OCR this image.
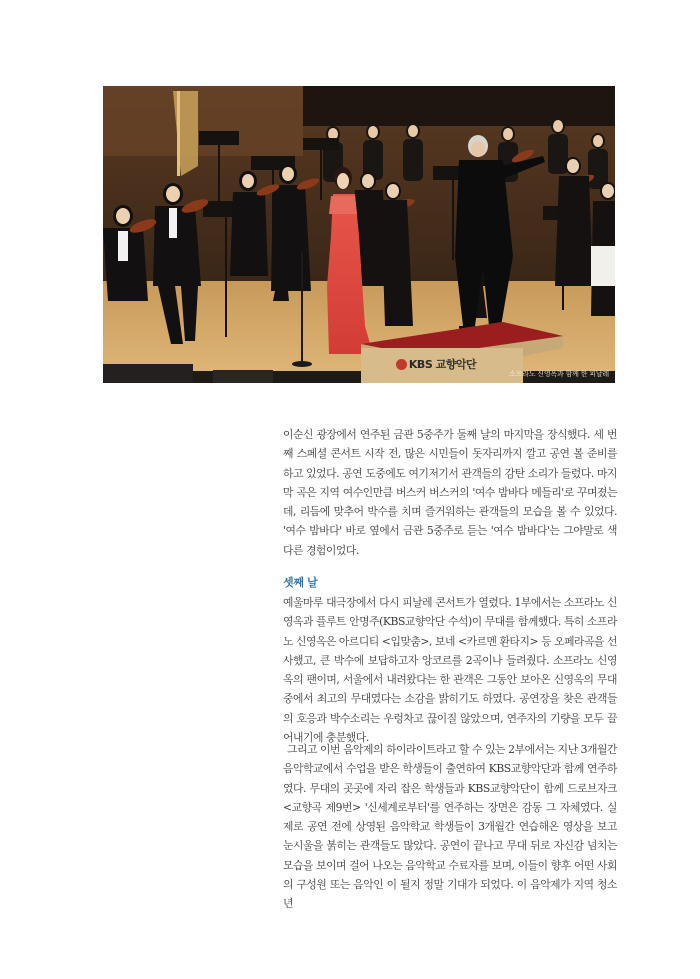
KBS 교향악단
소프라노 신영옥과 함께 한 피날레

이순신 광장에서 연주된 금관 5중주가 둘째 날의 마지막을 장식했다. 세 번째 스페셜 콘서트 시작 전, 많은 시민들이 돗자리까지 깔고 공연 볼 준비를 하고 있었다. 공연 도중에도 여기저기서 관객들의 감탄 소리가 들렸다. 마지막 곡은 지역 여수인만큼 버스커 버스커의 '여수 밤바다 메들리'로 꾸며졌는데, 리듬에 맞추어 박수를 치며 즐거워하는 관객들의 모습을 볼 수 있었다. '여수 밤바다' 바로 옆에서 금관 5중주로 듣는 '여수 밤바다'는 그야말로 색다른 경험이었다.

셋째 날

예울마루 대극장에서 다시 피날레 콘서트가 열렸다. 1부에서는 소프라노 신영옥과 플루트 안명주(KBS교향악단 수석)이 무대를 함께했다. 특히 소프라노 신영옥은 아르디티 <입맞춤>, 보네 <카르멘 환타지> 등 오페라곡을 선사했고, 큰 박수에 보답하고자 앙코르를 2곡이나 들려줬다. 소프라노 신영옥의 팬이며, 서울에서 내려왔다는 한 관객은 그동안 보아온 신영옥의 무대 중에서 최고의 무대였다는 소감을 밝히기도 하였다. 공연장을 찾은 관객들의 호응과 박수소리는 우렁차고 끊이질 않았으며, 연주자의 기량을 모두 끌어내기에 충분했다.

그리고 이번 음악제의 하이라이트라고 할 수 있는 2부에서는 지난 3개월간 음악학교에서 수업을 받은 학생들이 출연하여 KBS교향악단과 함께 연주하였다. 무대의 곳곳에 자리 잡은 학생들과 KBS교향악단이 함께 드로브자크 <교향곡 제9번> '신세계로부터'를 연주하는 장면은 감동 그 자체였다. 실제로 공연 전에 상영된 음악학교 학생들이 3개월간 연습해온 영상을 보고 눈시울을 붉히는 관객들도 많았다. 공연이 끝나고 무대 뒤로 자신감 넘치는 모습을 보이며 걸어 나오는 음악학교 수료자를 보며, 이들이 향후 어떤 사회의 구성원 또는 음악인 이 될지 정말 기대가 되었다. 이 음악제가 지역 청소년
